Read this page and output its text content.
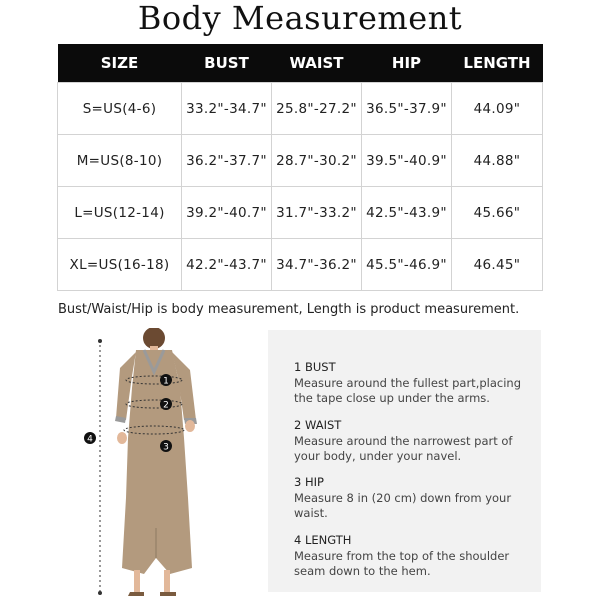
Body Measurement
SIZE	BUST	WAIST	HIP	LENGTH
S=US(4-6)	33.2"-34.7"	25.8"-27.2"	36.5"-37.9"	44.09"
M=US(8-10)	36.2"-37.7"	28.7"-30.2"	39.5"-40.9"	44.88"
L=US(12-14)	39.2"-40.7"	31.7"-33.2"	42.5"-43.9"	45.66"
XL=US(16-18)	42.2"-43.7"	34.7"-36.2"	45.5"-46.9"	46.45"
Bust/Waist/Hip is body measurement, Length is product measurement.
1
2
3
4
1 BUST
Measure around the fullest part,placing the tape close up under the arms.
2 WAIST
Measure around the narrowest part of your body, under your navel.
3 HIP
Measure 8 in (20 cm) down from your waist.
4 LENGTH
Measure from the top of the shoulder seam down to the hem.
